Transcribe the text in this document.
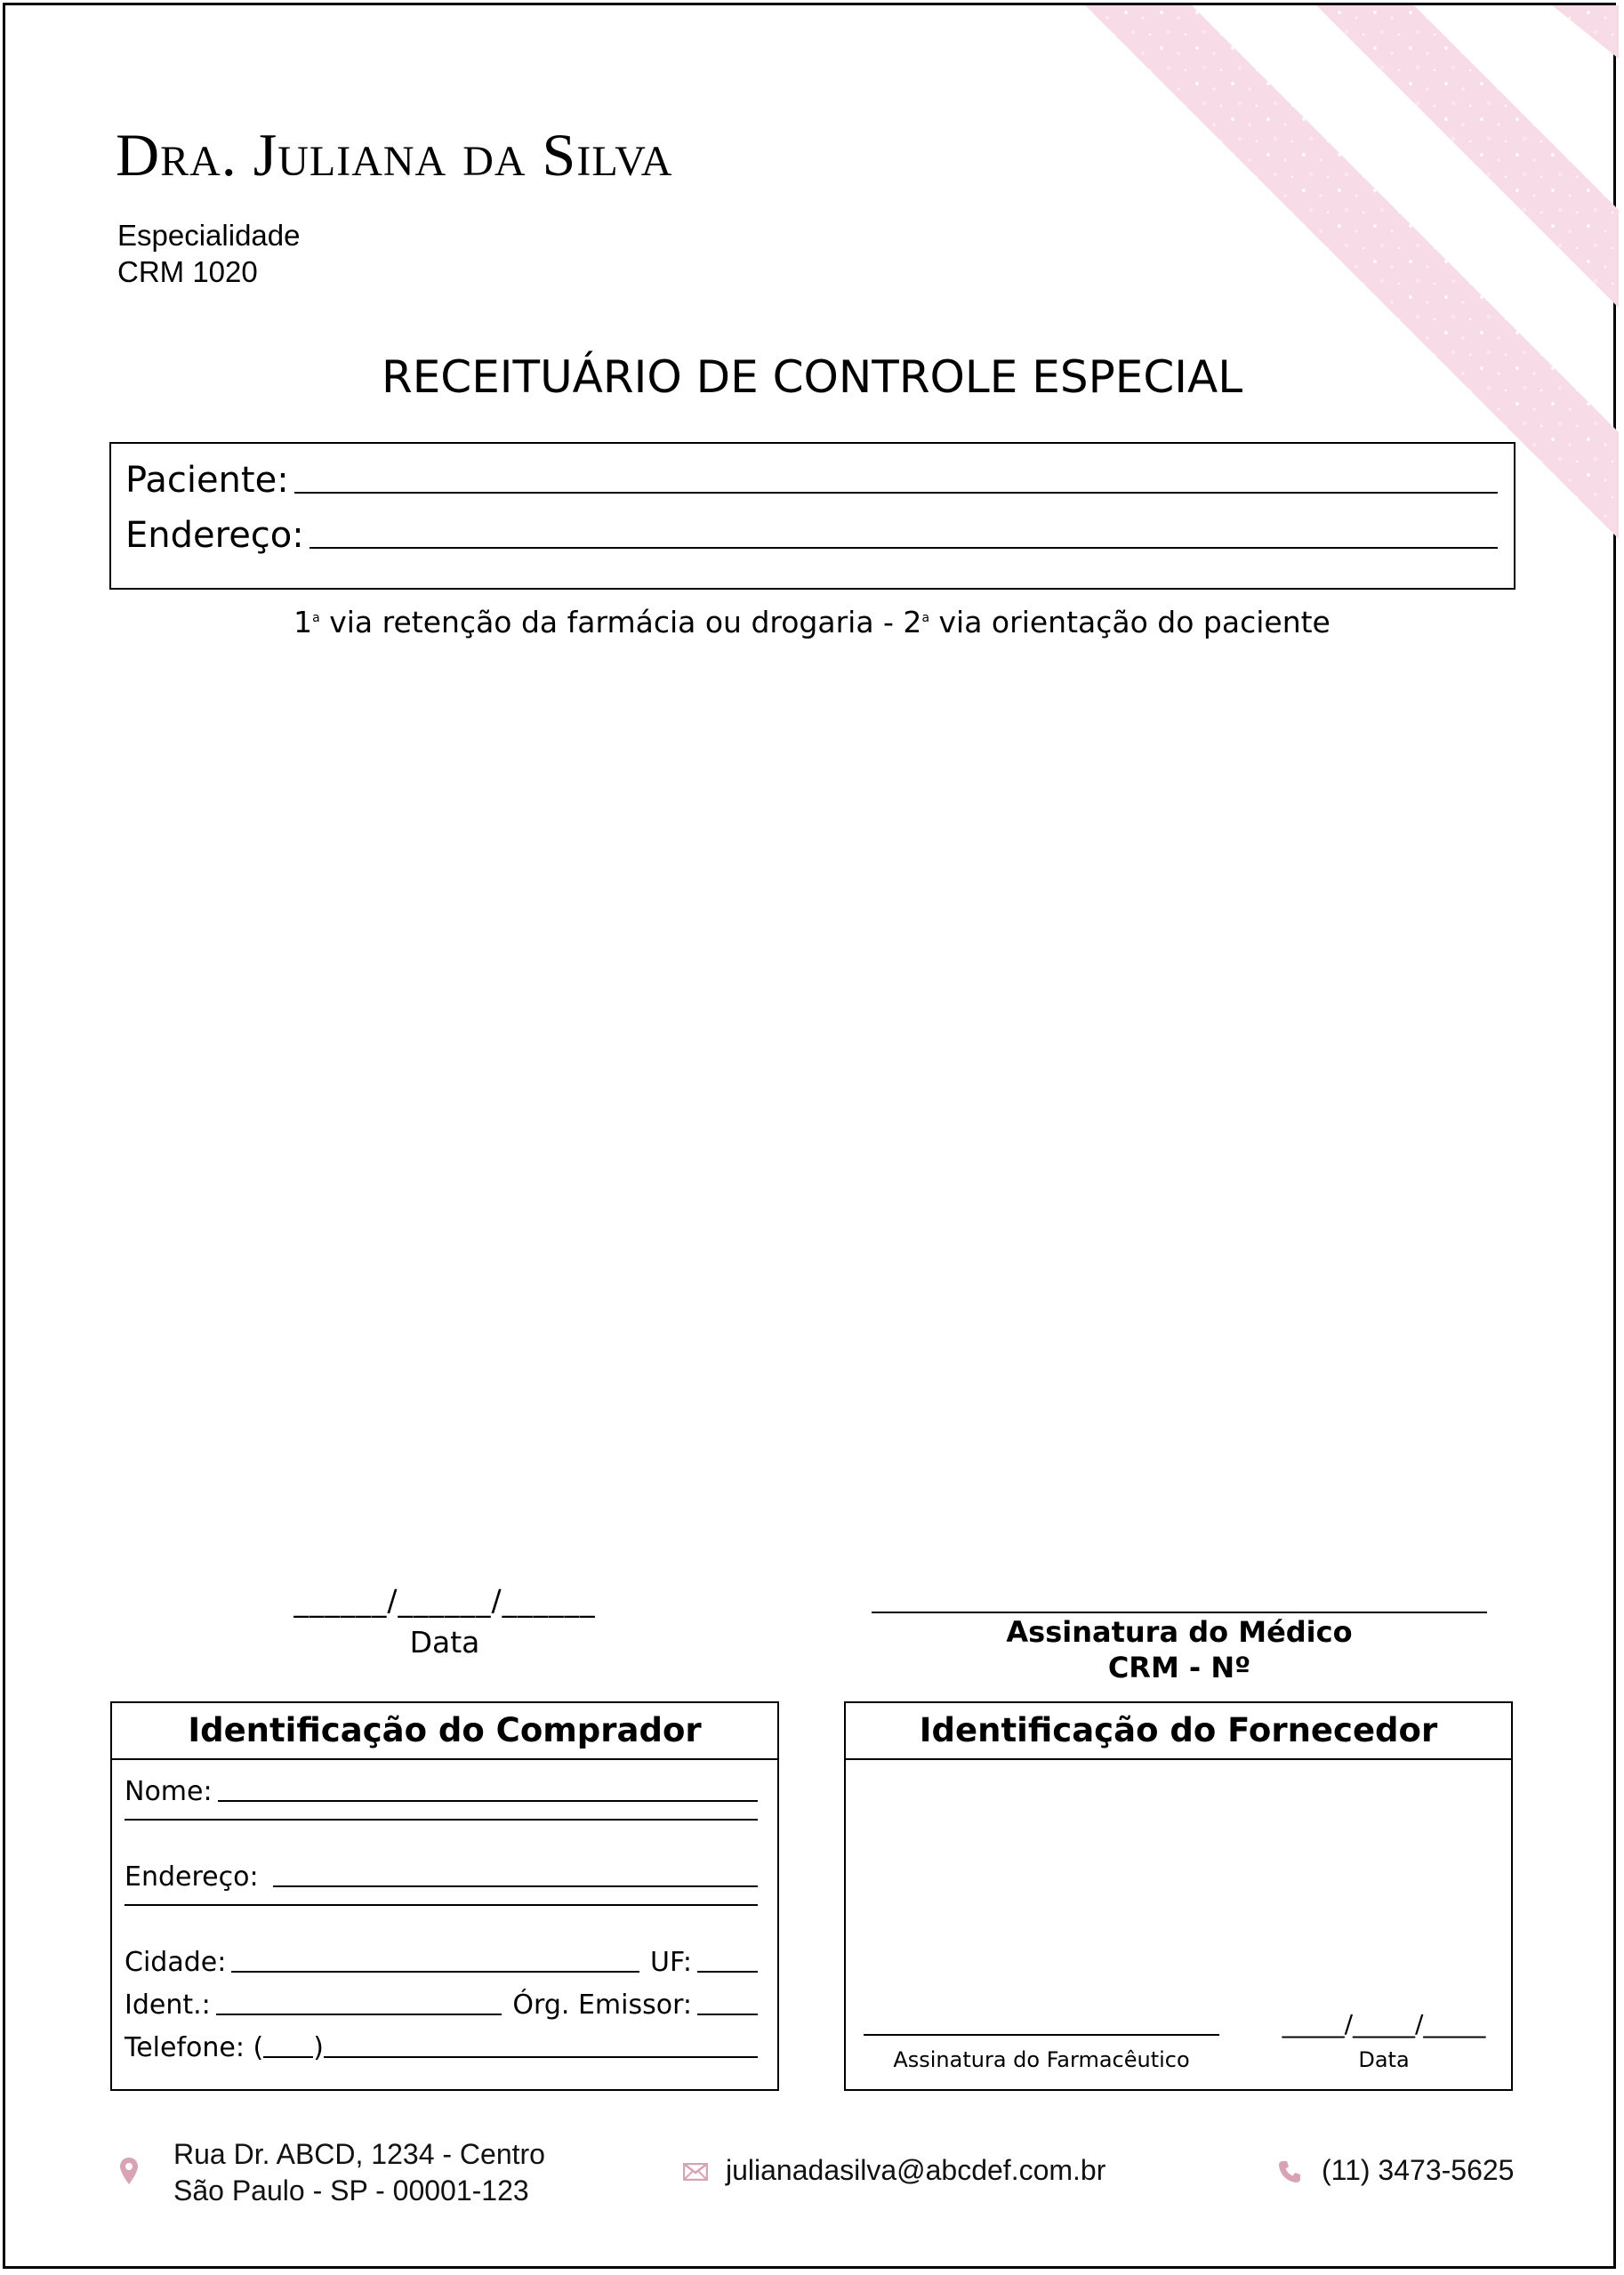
Dra. Juliana da Silva
Especialidade
CRM 1020
RECEITUÁRIO DE CONTROLE ESPECIAL
Paciente:
Endereço:
1$^a$ via retenção da farmácia ou drogaria - 2$^a$ via orientação do paciente
______/______/______
Data	Assinatura do Médico
CRM - Nº
Identificação do Comprador
Nome:
Endereço:
Cidade:	UF:
Ident.:	Órg. Emissor:
Telefone: ( )
Identificação do Fornecedor
Assinatura do Farmacêutico
_____/_____/_____
Data
Rua Dr. ABCD, 1234 - Centro
São Paulo - SP - 00001-123
julianadasilva@abcdef.com.br	(11) 3473-5625
